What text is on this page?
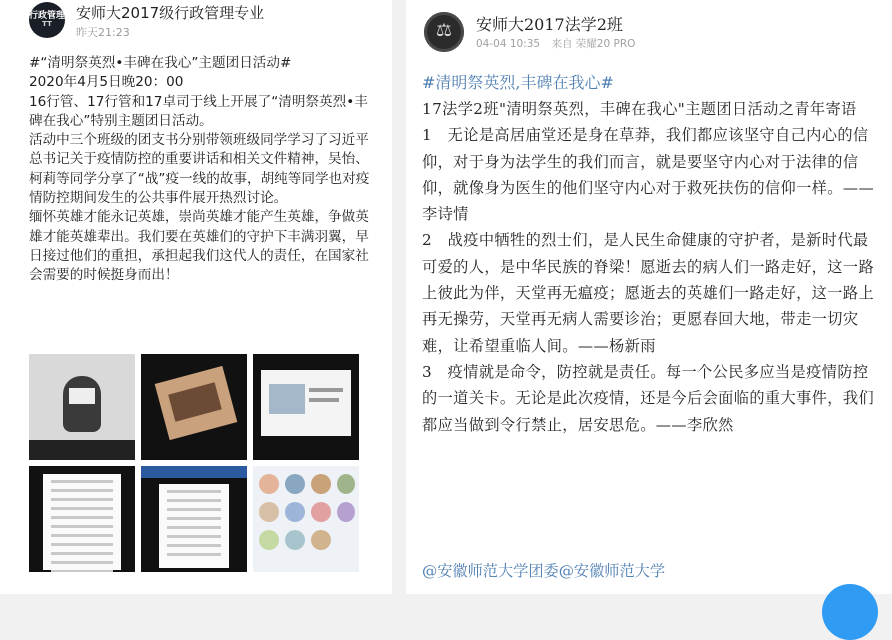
行政管理
TT
安师大2017级行政管理专业
昨天21:23

#“清明祭英烈•丰碑在我心”主题团日活动#

2020年4月5日晚20：00

16行管、17行管和17卓司于线上开展了“清明祭英烈•丰碑在我心”特别主题团日活动。

活动中三个班级的团支书分别带领班级同学学习了习近平总书记关于疫情防控的重要讲话和相关文件精神，吴怡、柯莉等同学分享了“战”疫一线的故事，胡纯等同学也对疫情防控期间发生的公共事件展开热烈讨论。

缅怀英雄才能永记英雄，崇尚英雄才能产生英雄，争做英雄才能英雄辈出。我们要在英雄们的守护下丰满羽翼，早日接过他们的重担，承担起我们这代人的责任，在国家社会需要的时候挺身而出！

⚖
安师大2017法学2班
04-04 10:35 来自 荣耀20 PRO
#清明祭英烈,丰碑在我心#

17法学2班"清明祭英烈，丰碑在我心"主题团日活动之青年寄语

1　无论是高居庙堂还是身在草莽，我们都应该坚守自己内心的信仰，对于身为法学生的我们而言，就是要坚守内心对于法律的信仰，就像身为医生的他们坚守内心对于救死扶伤的信仰一样。——李诗情

2　战疫中牺牲的烈士们，是人民生命健康的守护者，是新时代最可爱的人，是中华民族的脊梁！愿逝去的病人们一路走好，这一路上彼此为伴，天堂再无瘟疫；愿逝去的英雄们一路走好，这一路上再无操劳，天堂再无病人需要诊治；更愿春回大地，带走一切灾难，让希望重临人间。——杨新雨

3　疫情就是命令，防控就是责任。每一个公民多应当是疫情防控的一道关卡。无论是此次疫情，还是今后会面临的重大事件，我们都应当做到令行禁止，居安思危。——李欣然

@安徽师范大学团委@安徽师范大学
